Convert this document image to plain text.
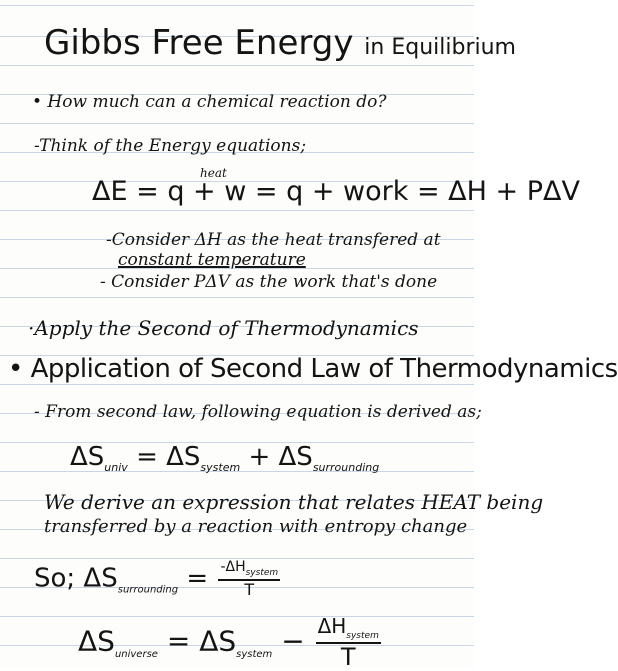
Gibbs Free Energy in Equilibrium
• How much can a chemical reaction do?
-Think of the Energy equations;
heat
ΔE = q + w = q + work = ΔH + PΔV
-Consider ΔH as the heat transfered at
constant temperature
- Consider PΔV as the work that's done
·Apply the Second of Thermodynamics
• Application of Second Law of Thermodynamics
- From second law, following equation is derived as;
$\Delta S_{univ} = \Delta S_{system} + \Delta S_{surrounding}$
We derive an expression that relates HEAT being
transferred by a reaction with entropy change
So; $\Delta S_{surrounding} = \frac{-\Delta H_{system}}{T}$
$\Delta S_{universe} = \Delta S_{system} - \frac{\Delta H_{system}}{T}$
